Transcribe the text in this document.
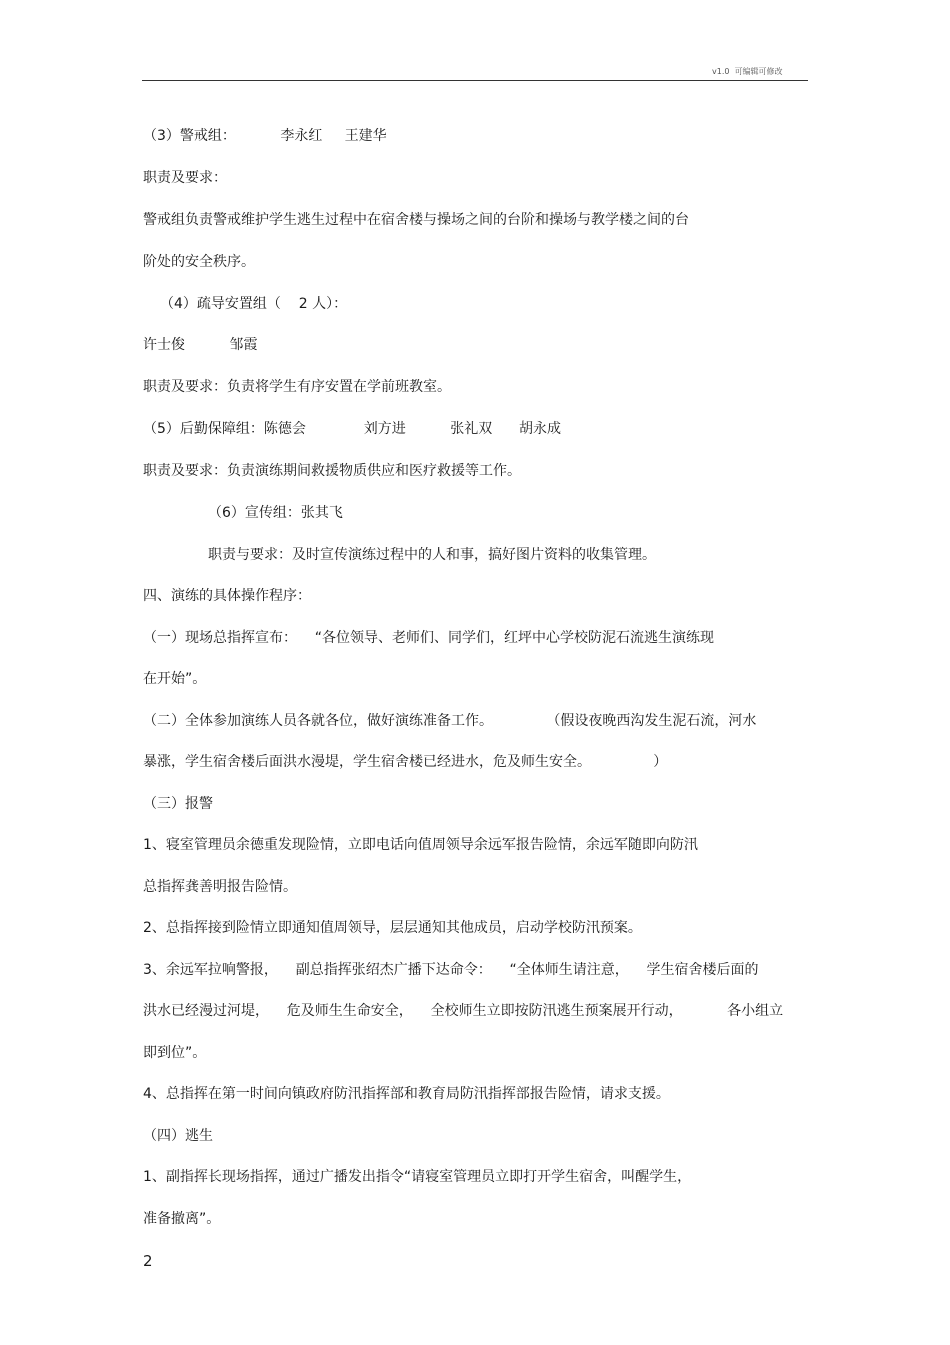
v1.0 可编辑可修改
（3）警戒组：          李永红     王建华
职责及要求：
警戒组负责警戒维护学生逃生过程中在宿舍楼与操场之间的台阶和操场与教学楼之间的台
阶处的安全秩序。
（4）疏导安置组（    2 人）：
许士俊          邹霞
职责及要求：负责将学生有序安置在学前班教室。
（5）后勤保障组：陈德会             刘方进          张礼双      胡永成
职责及要求：负责演练期间救援物质供应和医疗救援等工作。
（6）宣传组：张其飞
职责与要求：及时宣传演练过程中的人和事，搞好图片资料的收集管理。
四、演练的具体操作程序：
（一）现场总指挥宣布：    “各位领导、老师们、同学们，红坪中心学校防泥石流逃生演练现
在开始”。
（二）全体参加演练人员各就各位，做好演练准备工作。            （假设夜晚西沟发生泥石流，河水
暴涨，学生宿舍楼后面洪水漫堤，学生宿舍楼已经进水，危及师生安全。              ）
（三）报警
1、寝室管理员余德重发现险情，立即电话向值周领导余远军报告险情，余远军随即向防汛
总指挥龚善明报告险情。
2、总指挥接到险情立即通知值周领导，层层通知其他成员，启动学校防汛预案。
3、余远军拉响警报，    副总指挥张绍杰广播下达命令：    “全体师生请注意，    学生宿舍楼后面的
洪水已经漫过河堤，    危及师生生命安全，    全校师生立即按防汛逃生预案展开行动，          各小组立
即到位”。
4、总指挥在第一时间向镇政府防汛指挥部和教育局防汛指挥部报告险情，请求支援。
（四）逃生
1、副指挥长现场指挥，通过广播发出指令“请寝室管理员立即打开学生宿舍，叫醒学生，
准备撤离”。
2
